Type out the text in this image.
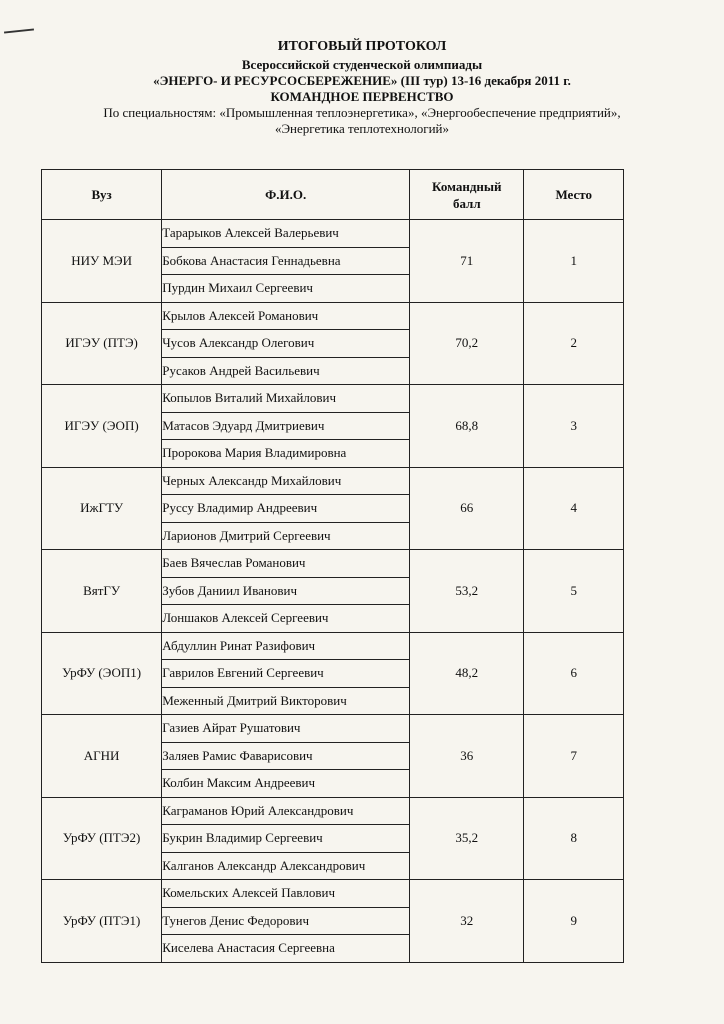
ИТОГОВЫЙ ПРОТОКОЛ
Всероссийской студенческой олимпиады
«ЭНЕРГО- И РЕСУРСОСБЕРЕЖЕНИЕ» (III тур) 13-16 декабря 2011 г.
КОМАНДНОЕ ПЕРВЕНСТВО
По специальностям: «Промышленная теплоэнергетика», «Энергообеспечение предприятий»,
«Энергетика теплотехнологий»
Вуз	Ф.И.О.	Командный балл	Место
НИУ МЭИ	Тарарыков Алексей Валерьевич	71	1
	Бобкова Анастасия Геннадьевна		
	Пурдин Михаил Сергеевич		
ИГЭУ (ПТЭ)	Крылов Алексей Романович	70,2	2
	Чусов Александр Олегович		
	Русаков Андрей Васильевич		
ИГЭУ (ЭОП)	Копылов Виталий Михайлович	68,8	3
	Матасов Эдуард Дмитриевич		
	Пророкова Мария Владимировна		
ИжГТУ	Черных Александр Михайлович	66	4
	Руссу Владимир Андреевич		
	Ларионов Дмитрий Сергеевич		
ВятГУ	Баев Вячеслав Романович	53,2	5
	Зубов Даниил Иванович		
	Лоншаков Алексей Сергеевич		
УрФУ (ЭОП1)	Абдуллин Ринат Разифович	48,2	6
	Гаврилов Евгений Сергеевич		
	Меженный Дмитрий Викторович		
АГНИ	Газиев Айрат Рушатович	36	7
	Заляев Рамис Фаварисович		
	Колбин Максим Андреевич		
УрФУ (ПТЭ2)	Каграманов Юрий Александрович	35,2	8
	Букрин Владимир Сергеевич		
	Калганов Александр Александрович		
УрФУ (ПТЭ1)	Комельских Алексей Павлович	32	9
	Тунегов Денис Федорович		
	Киселева Анастасия Сергеевна		
